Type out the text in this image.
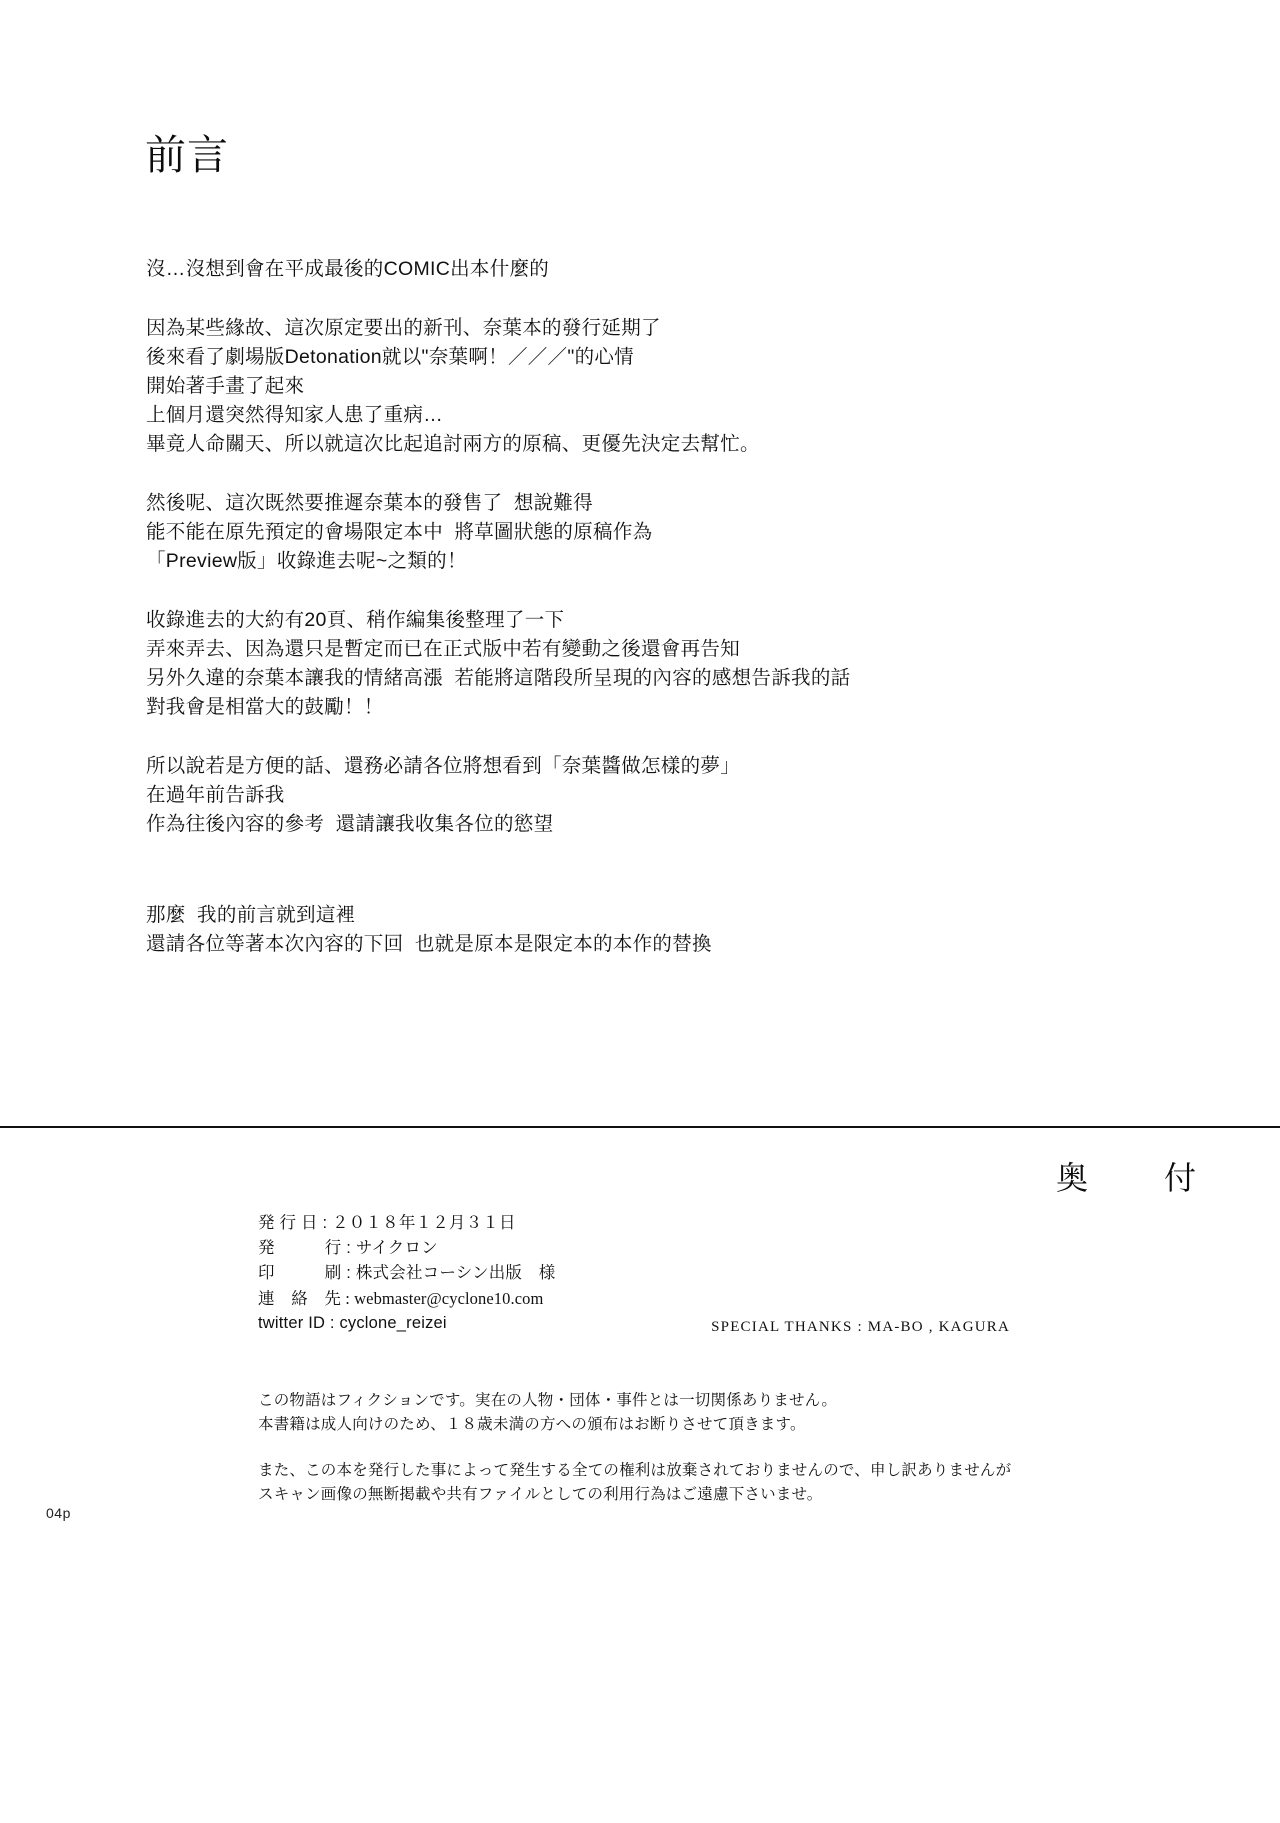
前言
沒…沒想到會在平成最後的COMIC出本什麼的
因為某些緣故、這次原定要出的新刊、奈葉本的發行延期了
後來看了劇場版Detonation就以"奈葉啊！／／／"的心情
開始著手畫了起來
上個月還突然得知家人患了重病…
畢竟人命關天、所以就這次比起追討兩方的原稿、更優先決定去幫忙。
然後呢、這次既然要推遲奈葉本的發售了  想說難得
能不能在原先預定的會場限定本中  將草圖狀態的原稿作為
「Preview版」收錄進去呢~之類的！
收錄進去的大約有20頁、稍作編集後整理了一下
弄來弄去、因為還只是暫定而已在正式版中若有變動之後還會再告知
另外久違的奈葉本讓我的情緒高漲  若能將這階段所呈現的內容的感想告訴我的話
對我會是相當大的鼓勵！！
所以說若是方便的話、還務必請各位將想看到「奈葉醬做怎樣的夢」
在過年前告訴我
作為往後內容的參考  還請讓我收集各位的慾望
那麼  我的前言就到這裡
還請各位等著本次內容的下回  也就是原本是限定本的本作的替換
奥　付
発 行 日 : ２０１８年１２月３１日
発　　　行 : サイクロン
印　　　刷 : 株式会社コーシン出版　様
連　絡　先 : webmaster@cyclone10.com
twitter ID : cyclone_reizei	SPECIAL THANKS : MA-BO , KAGURA
この物語はフィクションです。実在の人物・団体・事件とは一切関係ありません。
本書籍は成人向けのため、１８歳未満の方への頒布はお断りさせて頂きます。
また、この本を発行した事によって発生する全ての権利は放棄されておりませんので、申し訳ありませんが
スキャン画像の無断掲載や共有ファイルとしての利用行為はご遠慮下さいませ。
04p
